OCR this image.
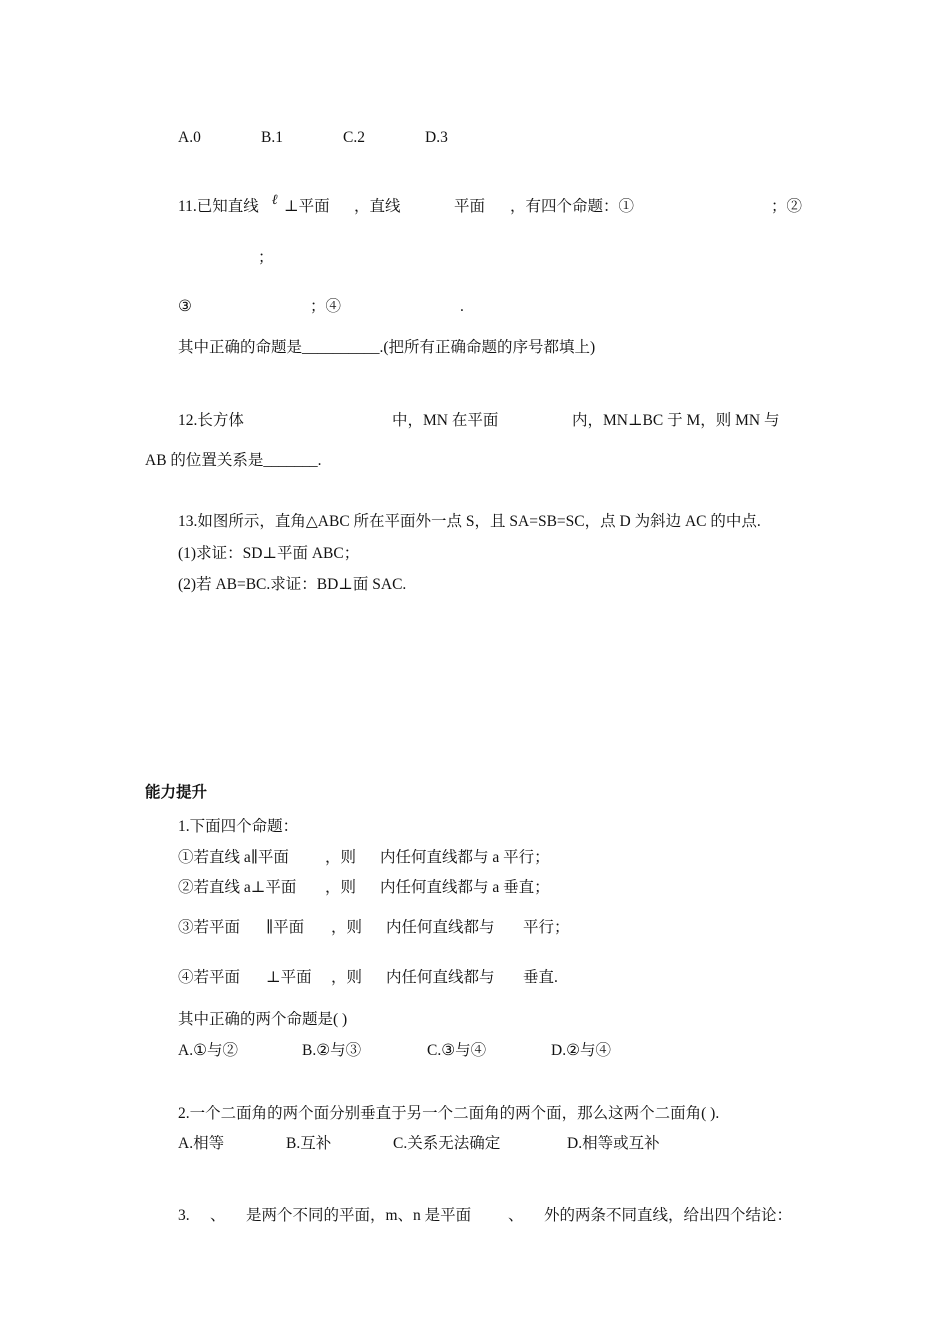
A.0	B.1	C.2	D.3
11.已知直线 ℓ ⊥平面 ，直线	平面 ，有四个命题：①	；②
；
③	；④	.
其中正确的命题是__________.(把所有正确命题的序号都填上)
12.长方体	中，MN 在平面	内，MN⊥BC 于 M，则 MN 与
AB 的位置关系是_______.
13.如图所示，直角△ABC 所在平面外一点 S，且 SA=SB=SC，点 D 为斜边 AC 的中点.
(1)求证：SD⊥平面 ABC；
(2)若 AB=BC.求证：BD⊥面 SAC.
能力提升
1.下面四个命题：
①若直线 a∥平面 ，则 内任何直线都与 a 平行；
②若直线 a⊥平面 ，则 内任何直线都与 a 垂直；
③若平面 ∥平面 ，则 内任何直线都与 平行；
④若平面 ⊥平面 ，则 内任何直线都与 垂直.
其中正确的两个命题是( )
A.①与②	B.②与③	C.③与④	D.②与④
2.一个二面角的两个面分别垂直于另一个二面角的两个面，那么这两个二面角( ).
A.相等	B.互补	C.关系无法确定	D.相等或互补
3. 、 是两个不同的平面，m、n 是平面 、 外的两条不同直线，给出四个结论：
